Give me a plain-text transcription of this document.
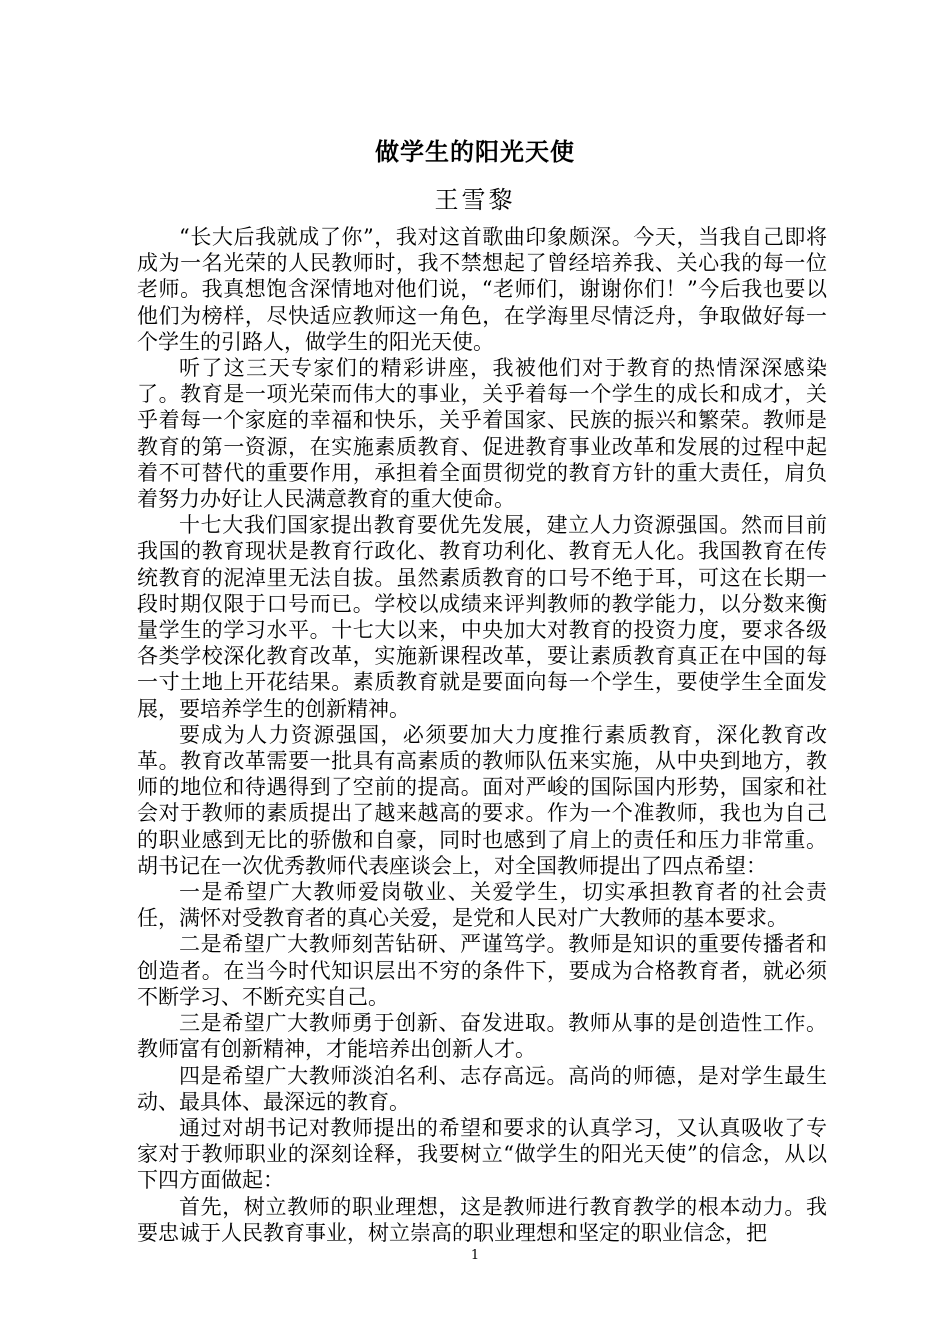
做学生的阳光天使
王雪黎

“长大后我就成了你”，我对这首歌曲印象颇深。今天，当我自己即将成为一名光荣的人民教师时，我不禁想起了曾经培养我、关心我的每一位老师。我真想饱含深情地对他们说，“老师们，谢谢你们！”今后我也要以他们为榜样，尽快适应教师这一角色，在学海里尽情泛舟，争取做好每一个学生的引路人，做学生的阳光天使。

听了这三天专家们的精彩讲座，我被他们对于教育的热情深深感染了。教育是一项光荣而伟大的事业，关乎着每一个学生的成长和成才，关乎着每一个家庭的幸福和快乐，关乎着国家、民族的振兴和繁荣。教师是教育的第一资源，在实施素质教育、促进教育事业改革和发展的过程中起着不可替代的重要作用，承担着全面贯彻党的教育方针的重大责任，肩负着努力办好让人民满意教育的重大使命。

十七大我们国家提出教育要优先发展，建立人力资源强国。然而目前我国的教育现状是教育行政化、教育功利化、教育无人化。我国教育在传统教育的泥淖里无法自拔。虽然素质教育的口号不绝于耳，可这在长期一段时期仅限于口号而已。学校以成绩来评判教师的教学能力，以分数来衡量学生的学习水平。十七大以来，中央加大对教育的投资力度，要求各级各类学校深化教育改革，实施新课程改革，要让素质教育真正在中国的每一寸土地上开花结果。素质教育就是要面向每一个学生，要使学生全面发展，要培养学生的创新精神。

要成为人力资源强国，必须要加大力度推行素质教育，深化教育改革。教育改革需要一批具有高素质的教师队伍来实施，从中央到地方，教师的地位和待遇得到了空前的提高。面对严峻的国际国内形势，国家和社会对于教师的素质提出了越来越高的要求。作为一个准教师，我也为自己的职业感到无比的骄傲和自豪，同时也感到了肩上的责任和压力非常重。胡书记在一次优秀教师代表座谈会上，对全国教师提出了四点希望：

一是希望广大教师爱岗敬业、关爱学生，切实承担教育者的社会责任，满怀对受教育者的真心关爱，是党和人民对广大教师的基本要求。

二是希望广大教师刻苦钻研、严谨笃学。教师是知识的重要传播者和创造者。在当今时代知识层出不穷的条件下，要成为合格教育者，就必须不断学习、不断充实自己。

三是希望广大教师勇于创新、奋发进取。教师从事的是创造性工作。教师富有创新精神，才能培养出创新人才。

四是希望广大教师淡泊名利、志存高远。高尚的师德，是对学生最生动、最具体、最深远的教育。

通过对胡书记对教师提出的希望和要求的认真学习，又认真吸收了专家对于教师职业的深刻诠释，我要树立“做学生的阳光天使”的信念，从以下四方面做起：

首先，树立教师的职业理想，这是教师进行教育教学的根本动力。我要忠诚于人民教育事业，树立崇高的职业理想和坚定的职业信念，把

1
